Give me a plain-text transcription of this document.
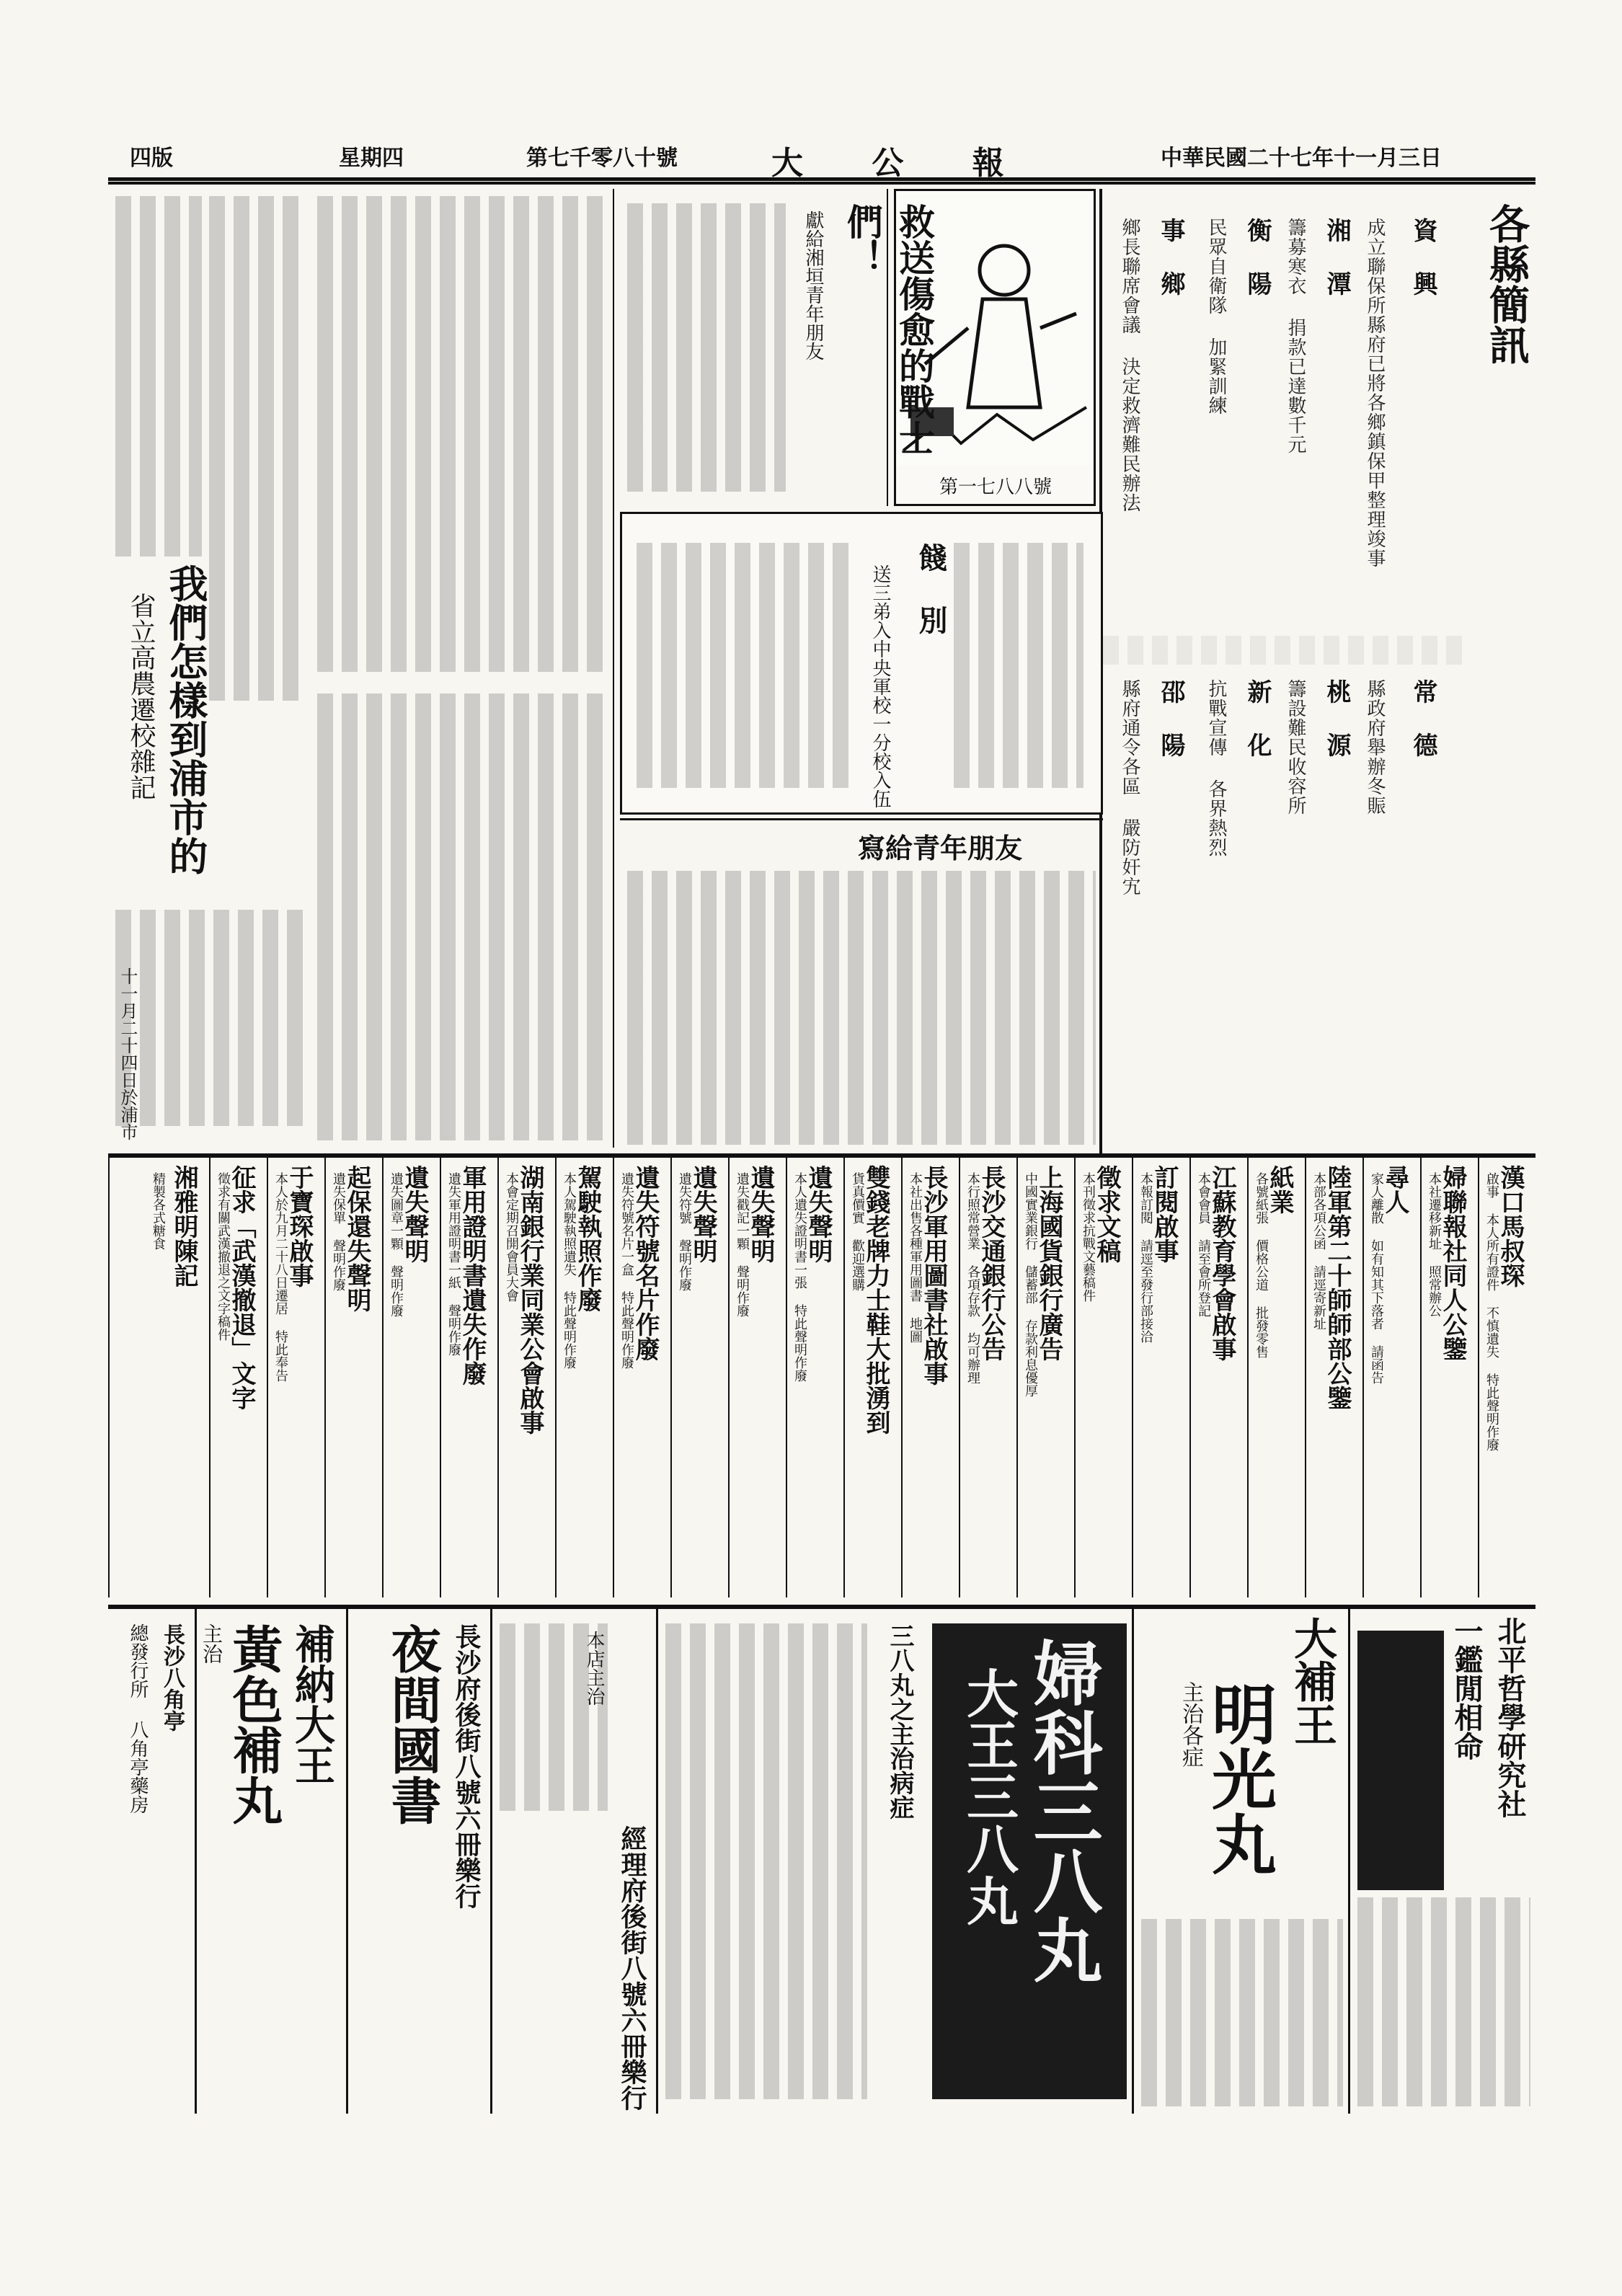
四版	星期四	第七千零八十號	大 公 報	中華民國二十七年十一月三日
各縣簡訊
資 興
成立聯保所縣府已將各鄉鎮保甲整理竣事
湘 潭
籌募寒衣 捐款已達數千元
衡 陽
民眾自衛隊 加緊訓練
事 鄉
鄉長聯席會議 決定救濟難民辦法
常 德
縣政府舉辦冬賑
桃 源
籌設難民收容所
新 化
抗戰宣傳 各界熱烈
邵 陽
縣府通令各區 嚴防奸宄
第一七八八號
救送傷愈的戰士們！
獻給湘垣青年朋友
餞 別
送三弟入中央軍校一分校入伍
寫給青年朋友
我們怎樣到浦市的
省立高農遷校雜記
十一月二十四日於浦市
漢口馬叔琛
啟事 本人所有證件 不慎遺失 特此聲明作廢
婦聯報社同人公鑒
本社遷移新址 照常辦公
尋人
家人離散 如有知其下落者 請函告
陸軍第二十師師部公鑒
本部各項公函 請逕寄新址
紙業
各號紙張 價格公道 批發零售
江蘇教育學會啟事
本會會員 請至會所登記
訂閱啟事
本報訂閱 請逕至發行部接洽
徵求文稿
本刊徵求抗戰文藝稿件
上海國貨銀行廣告
中國實業銀行 儲蓄部 存款利息優厚
長沙交通銀行公告
本行照常營業 各項存款 均可辦理
長沙軍用圖書社啟事
本社出售各種軍用圖書 地圖
雙錢老牌力士鞋大批湧到
貨真價實 歡迎選購
遺失聲明
本人遺失證明書一張 特此聲明作廢
遺失聲明
遺失戳記一顆 聲明作廢
遺失聲明
遺失符號 聲明作廢
遺失符號名片作廢
遺失符號名片一盒 特此聲明作廢
駕駛執照作廢
本人駕駛執照遺失 特此聲明作廢
湖南銀行業同業公會啟事
本會定期召開會員大會
軍用證明書遺失作廢
遺失軍用證明書一紙 聲明作廢
遺失聲明
遺失圖章一顆 聲明作廢
起保還失聲明
遺失保單 聲明作廢
于寶琛啟事
本人於九月二十八日遷居 特此奉告
征求「武漢撤退」文字
徵求有關武漢撤退之文字稿件
湘雅明陳記
精製各式糖食
北平哲學研究社
一鑑閒相命
大補王
明光丸
主治各症
婦科三八丸
大王三八丸
三八丸之主治病症
經理府後街八號六冊樂行
本店主治
長沙府後街八號六冊樂行
夜間國書
補納大王
黃色補丸
主治
長沙八角亭
總發行所 八角亭藥房
